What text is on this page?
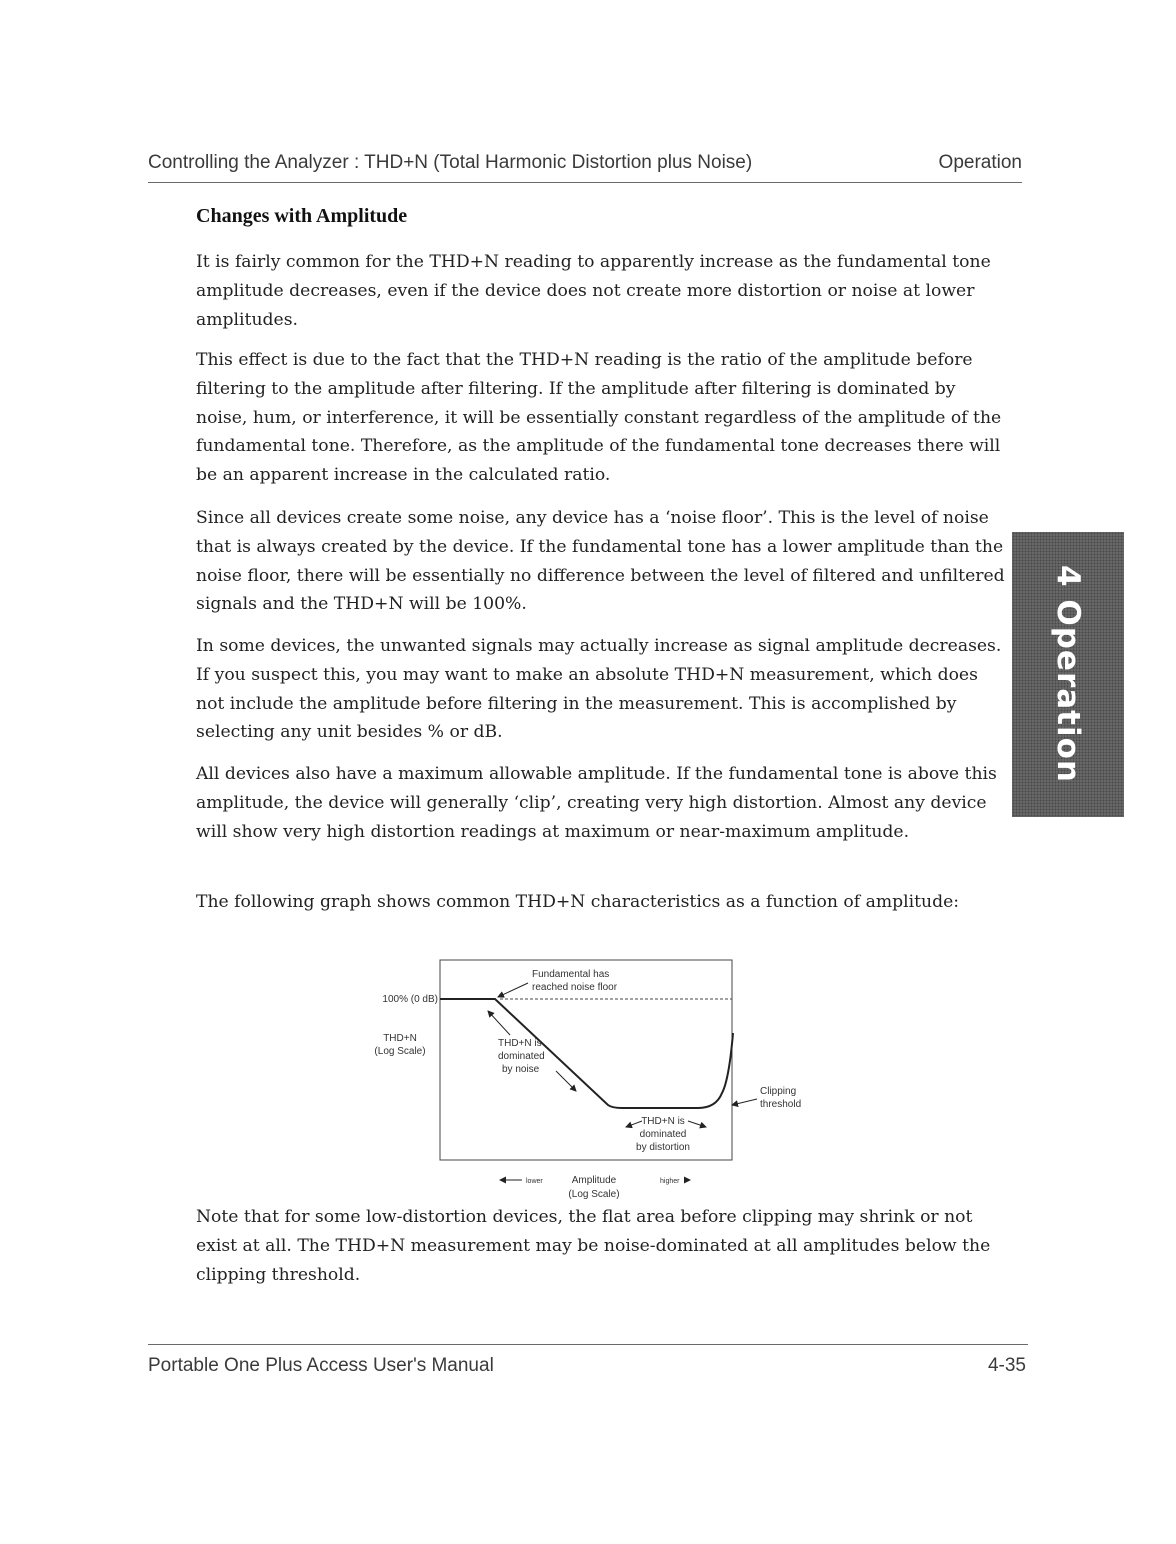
Controlling the Analyzer : THD+N (Total Harmonic Distortion plus Noise)	Operation
Changes with Amplitude

It is fairly common for the THD+N reading to apparently increase as the fundamental tone amplitude decreases, even if the device does not create more distortion or noise at lower amplitudes.

This effect is due to the fact that the THD+N reading is the ratio of the amplitude before filtering to the amplitude after filtering. If the amplitude after filtering is dominated by noise, hum, or interference, it will be essentially constant regardless of the amplitude of the fundamental tone. Therefore, as the amplitude of the fundamental tone decreases there will be an apparent increase in the calculated ratio.

Since all devices create some noise, any device has a ‘noise floor’. This is the level of noise that is always created by the device. If the fundamental tone has a lower amplitude than the noise floor, there will be essentially no difference between the level of filtered and unfiltered signals and the THD+N will be 100%.

In some devices, the unwanted signals may actually increase as signal amplitude decreases. If you suspect this, you may want to make an absolute THD+N measurement, which does not include the amplitude before filtering in the measurement. This is accomplished by selecting any unit besides % or dB.

All devices also have a maximum allowable amplitude. If the fundamental tone is above this amplitude, the device will generally ‘clip’, creating very high distortion. Almost any device will show very high distortion readings at maximum or near-maximum amplitude.

The following graph shows common THD+N characteristics as a function of amplitude:

4 Operation
100% (0 dB)
THD+N
(Log Scale)
Fundamental has
reached noise floor
THD+N is
dominated
by noise
THD+N is
dominated
by distortion
Clipping
threshold
lower	Amplitude
(Log Scale)
higher

Note that for some low-distortion devices, the flat area before clipping may shrink or not exist at all. The THD+N measurement may be noise-dominated at all amplitudes below the clipping threshold.

Portable One Plus Access User's Manual	4-35
